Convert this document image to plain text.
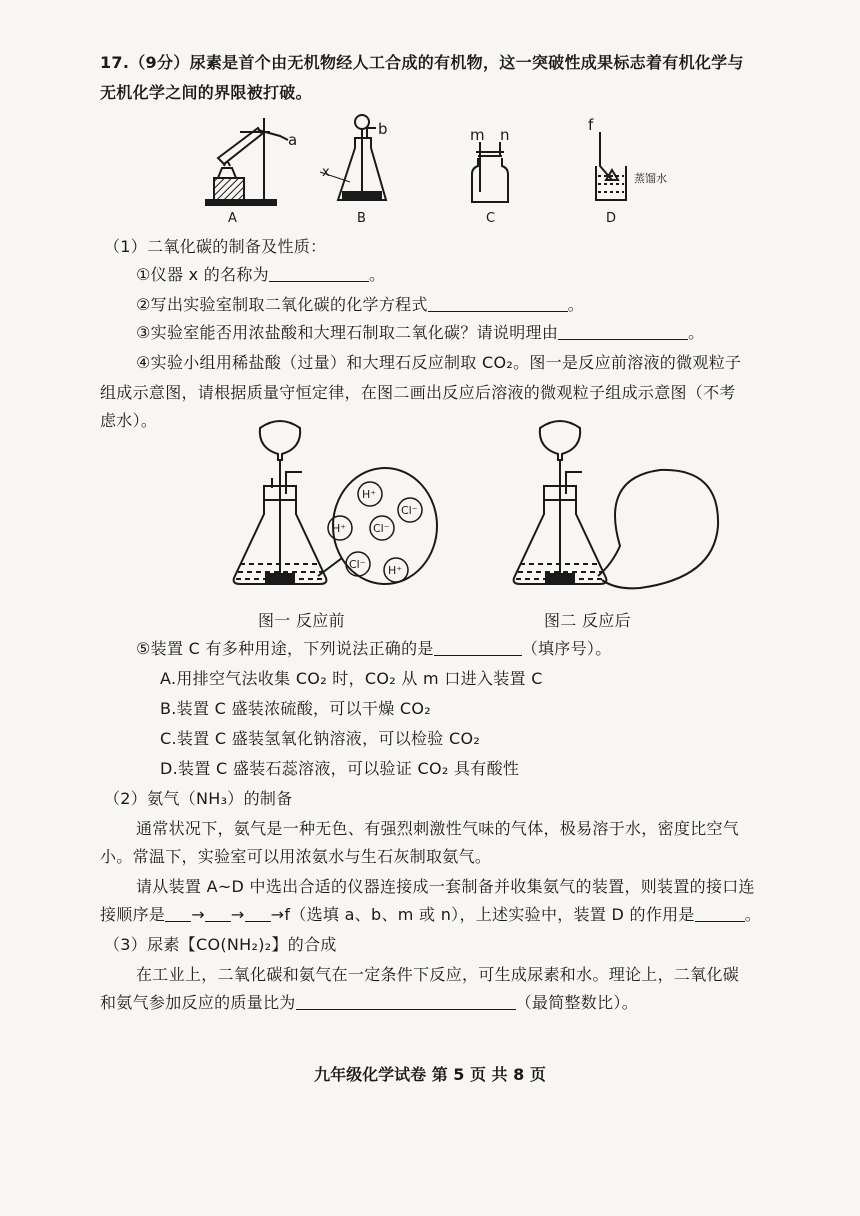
17.（9分）尿素是首个由无机物经人工合成的有机物，这一突破性成果标志着有机化学与
无机化学之间的界限被打破。
a
A
b
x
B
m n
C
f
蒸馏水
D
（1）二氧化碳的制备及性质：
①仪器 x 的名称为	。
②写出实验室制取二氧化碳的化学方程式	。
③实验室能否用浓盐酸和大理石制取二氧化碳？请说明理由	。
④实验小组用稀盐酸（过量）和大理石反应制取 CO₂。图一是反应前溶液的微观粒子
组成示意图，请根据质量守恒定律，在图二画出反应后溶液的微观粒子组成示意图（不考
虑水）。
H⁺
Cl⁻
H⁺ Cl⁻
Cl⁻ H⁺
图一 反应前	图二 反应后
⑤装置 C 有多种用途，下列说法正确的是	（填序号）。
A.用排空气法收集 CO₂ 时，CO₂ 从 m 口进入装置 C
B.装置 C 盛装浓硫酸，可以干燥 CO₂
C.装置 C 盛装氢氧化钠溶液，可以检验 CO₂
D.装置 C 盛装石蕊溶液，可以验证 CO₂ 具有酸性
（2）氨气（NH₃）的制备
通常状况下，氨气是一种无色、有强烈刺激性气味的气体，极易溶于水，密度比空气
小。常温下，实验室可以用浓氨水与生石灰制取氨气。
请从装置 A~D 中选出合适的仪器连接成一套制备并收集氨气的装置，则装置的接口连
接顺序是 → → →f（选填 a、b、m 或 n），上述实验中，装置 D 的作用是	。
（3）尿素【CO(NH₂)₂】的合成
在工业上，二氧化碳和氨气在一定条件下反应，可生成尿素和水。理论上，二氧化碳
和氨气参加反应的质量比为	（最简整数比）。
九年级化学试卷 第 5 页 共 8 页
